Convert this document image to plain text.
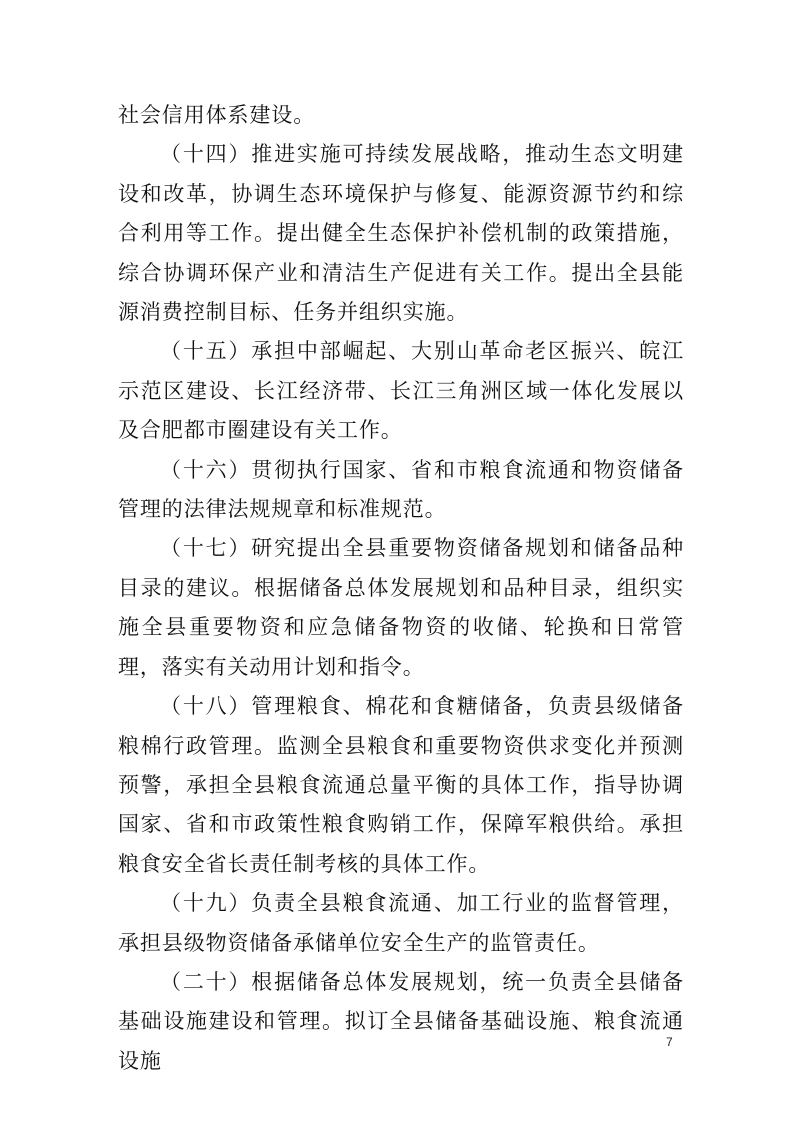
社会信用体系建设。

（十四）推进实施可持续发展战略，推动生态文明建设和改革，协调生态环境保护与修复、能源资源节约和综合利用等工作。提出健全生态保护补偿机制的政策措施，综合协调环保产业和清洁生产促进有关工作。提出全县能源消费控制目标、任务并组织实施。

（十五）承担中部崛起、大别山革命老区振兴、皖江示范区建设、长江经济带、长江三角洲区域一体化发展以及合肥都市圈建设有关工作。

（十六）贯彻执行国家、省和市粮食流通和物资储备管理的法律法规规章和标准规范。

（十七）研究提出全县重要物资储备规划和储备品种目录的建议。根据储备总体发展规划和品种目录，组织实施全县重要物资和应急储备物资的收储、轮换和日常管理，落实有关动用计划和指令。

（十八）管理粮食、棉花和食糖储备，负责县级储备粮棉行政管理。监测全县粮食和重要物资供求变化并预测预警，承担全县粮食流通总量平衡的具体工作，指导协调国家、省和市政策性粮食购销工作，保障军粮供给。承担粮食安全省长责任制考核的具体工作。

（十九）负责全县粮食流通、加工行业的监督管理，承担县级物资储备承储单位安全生产的监管责任。

（二十）根据储备总体发展规划，统一负责全县储备基础设施建设和管理。拟订全县储备基础设施、粮食流通设施

7
